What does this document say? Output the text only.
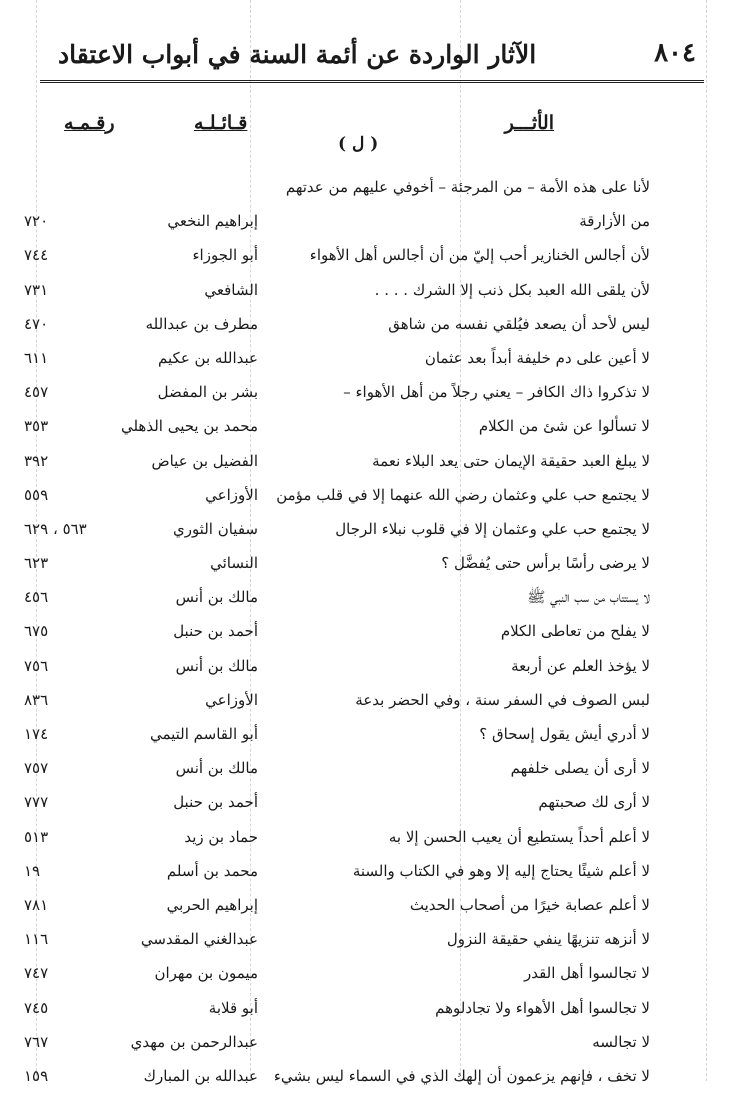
٨٠٤
الآثار الواردة عن أئمة السنة في أبواب الاعتقاد
الأثـــر
قـائـلـه
رقـمـه
( ل )
لأنا على هذه الأمة – من المرجئة – أخوفي عليهم من عدتهم
من الأزارقة
إبراهيم النخعي
٧٢٠
لأن أجالس الخنازير أحب إليّ من أن أجالس أهل الأهواء
أبو الجوزاء
٧٤٤
لأن يلقى الله العبد بكل ذنب إلا الشرك . . . .
الشافعي
٧٣١
ليس لأحد أن يصعد فيُلقي نفسه من شاهق
مطرف بن عبدالله
٤٧٠
لا أعين على دم خليفة أبداً بعد عثمان
عبدالله بن عكيم
٦١١
لا تذكروا ذاك الكافر – يعني رجلاً من أهل الأهواء –
بشر بن المفضل
٤٥٧
لا تسألوا عن شئ من الكلام
محمد بن يحيى الذهلي
٣٥٣
لا يبلغ العبد حقيقة الإيمان حتى يعد البلاء نعمة
الفضيل بن عياض
٣٩٢
لا يجتمع حب علي وعثمان رضي الله عنهما إلا في قلب مؤمن
الأوزاعي
٥٥٩
لا يجتمع حب علي وعثمان إلا في قلوب نبلاء الرجال
سفيان الثوري
٥٦٣ ، ٦٢٩
لا يرضى رأسًا برأس حتى يُفضَّل ؟
النسائي
٦٢٣
لا يستتاب من سب النبي ﷺ
مالك بن أنس
٤٥٦
لا يفلح من تعاطى الكلام
أحمد بن حنبل
٦٧٥
لا يؤخذ العلم عن أربعة
مالك بن أنس
٧٥٦
لبس الصوف في السفر سنة ، وفي الحضر بدعة
الأوزاعي
٨٣٦
لا أدري أيش يقول إسحاق ؟
أبو القاسم التيمي
١٧٤
لا أرى أن يصلى خلفهم
مالك بن أنس
٧٥٧
لا أرى لك صحبتهم
أحمد بن حنبل
٧٧٧
لا أعلم أحداً يستطيع أن يعيب الحسن إلا به
حماد بن زيد
٥١٣
لا أعلم شيئًا يحتاج إليه إلا وهو في الكتاب والسنة
محمد بن أسلم
١٩
لا أعلم عصابة خيرًا من أصحاب الحديث
إبراهيم الحربي
٧٨١
لا أنزهه تنزيهًا ينفي حقيقة النزول
عبدالغني المقدسي
١١٦
لا تجالسوا أهل القدر
ميمون بن مهران
٧٤٧
لا تجالسوا أهل الأهواء ولا تجادلوهم
أبو قلابة
٧٤٥
لا تجالسه
عبدالرحمن بن مهدي
٧٦٧
لا تخف ، فإنهم يزعمون أن إلهك الذي في السماء ليس بشيء
عبدالله بن المبارك
١٥٩
